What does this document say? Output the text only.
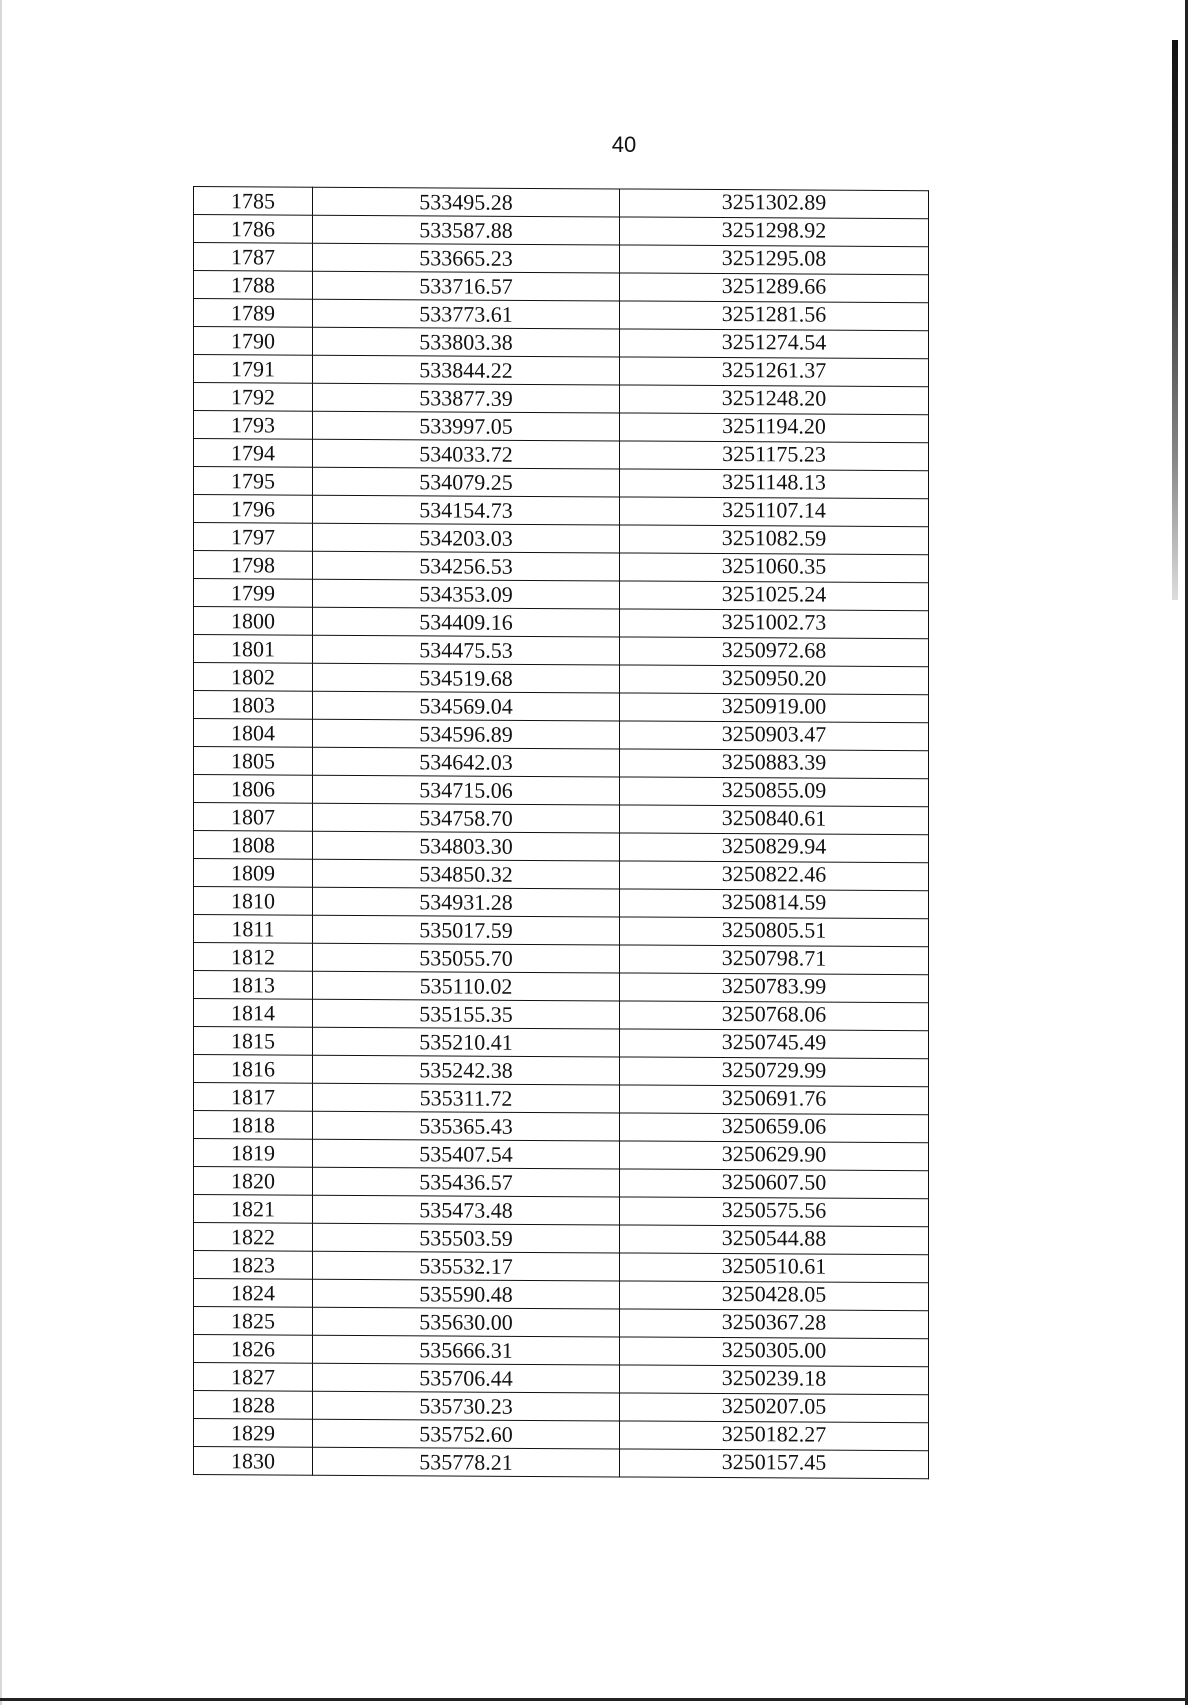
40
1785	533495.28	3251302.89
1786	533587.88	3251298.92
1787	533665.23	3251295.08
1788	533716.57	3251289.66
1789	533773.61	3251281.56
1790	533803.38	3251274.54
1791	533844.22	3251261.37
1792	533877.39	3251248.20
1793	533997.05	3251194.20
1794	534033.72	3251175.23
1795	534079.25	3251148.13
1796	534154.73	3251107.14
1797	534203.03	3251082.59
1798	534256.53	3251060.35
1799	534353.09	3251025.24
1800	534409.16	3251002.73
1801	534475.53	3250972.68
1802	534519.68	3250950.20
1803	534569.04	3250919.00
1804	534596.89	3250903.47
1805	534642.03	3250883.39
1806	534715.06	3250855.09
1807	534758.70	3250840.61
1808	534803.30	3250829.94
1809	534850.32	3250822.46
1810	534931.28	3250814.59
1811	535017.59	3250805.51
1812	535055.70	3250798.71
1813	535110.02	3250783.99
1814	535155.35	3250768.06
1815	535210.41	3250745.49
1816	535242.38	3250729.99
1817	535311.72	3250691.76
1818	535365.43	3250659.06
1819	535407.54	3250629.90
1820	535436.57	3250607.50
1821	535473.48	3250575.56
1822	535503.59	3250544.88
1823	535532.17	3250510.61
1824	535590.48	3250428.05
1825	535630.00	3250367.28
1826	535666.31	3250305.00
1827	535706.44	3250239.18
1828	535730.23	3250207.05
1829	535752.60	3250182.27
1830	535778.21	3250157.45
